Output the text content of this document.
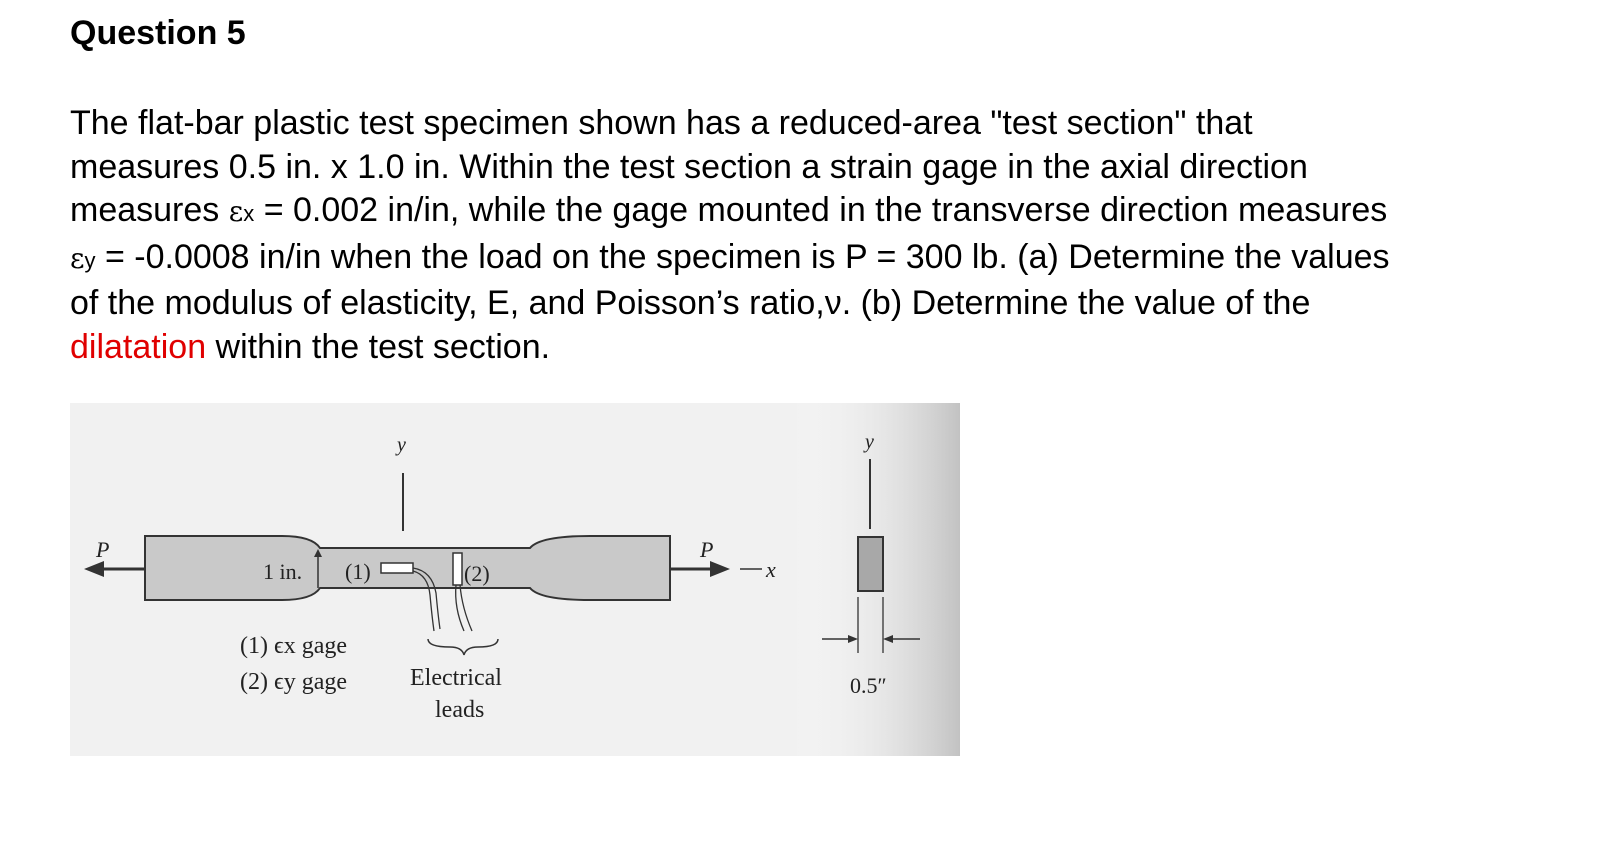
Question 5
The flat-bar plastic test specimen shown has a reduced-area "test section" that
measures 0.5 in. x 1.0 in. Within the test section a strain gage in the axial direction
measures εx = 0.002 in/in, while the gage mounted in the transverse direction measures
εy = -0.0008 in/in when the load on the specimen is P = 300 lb. (a) Determine the values
of the modulus of elasticity, E, and Poisson’s ratio,ν. (b) Determine the value of the
dilatation within the test section.
P	P
y	y
x
1 in. (1)	(2)
(1) ϵx gage
(2) ϵy gage	Electrical
leads
0.5″
